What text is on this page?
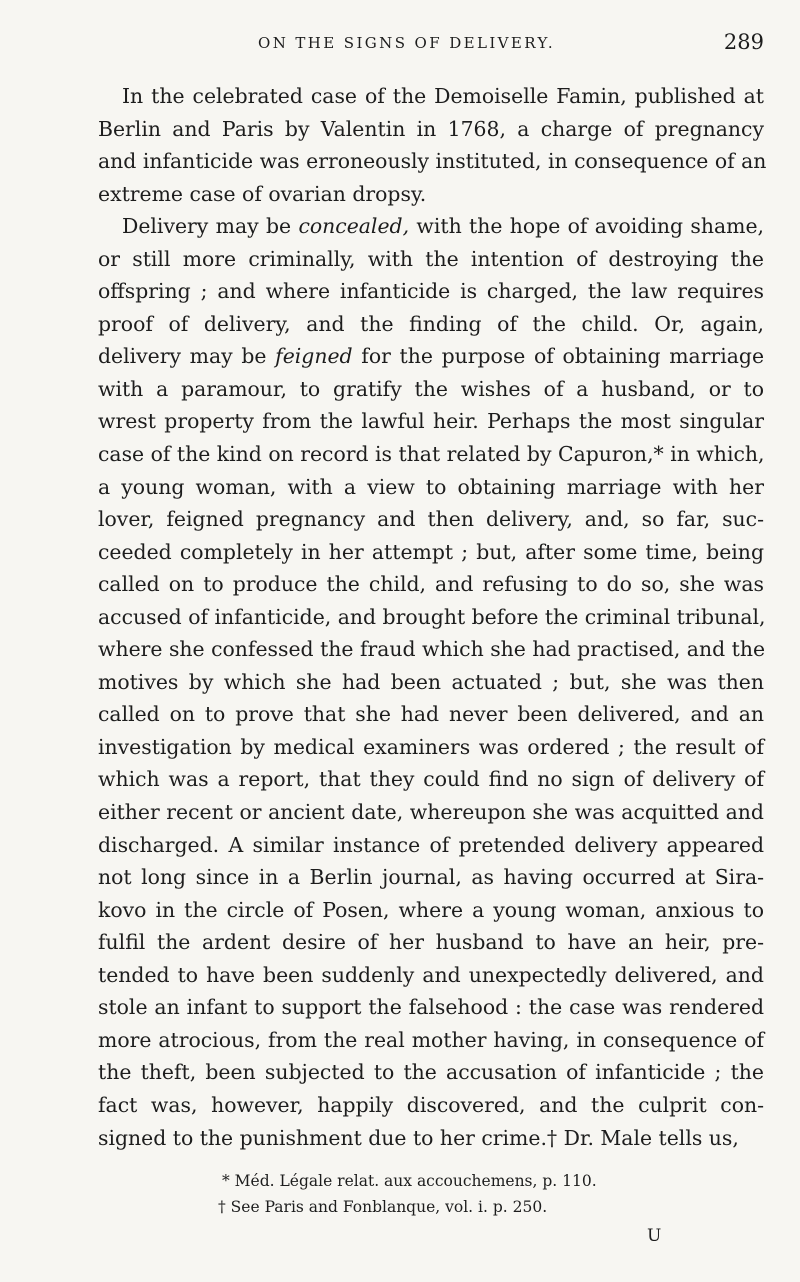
ON THE SIGNS OF DELIVERY.	289
In the celebrated case of the Demoiselle Famin, published at
Berlin and Paris by Valentin in 1768, a charge of pregnancy
and infanticide was erroneously instituted, in consequence of an
extreme case of ovarian dropsy.
Delivery may be concealed, with the hope of avoiding shame,
or still more criminally, with the intention of destroying the
offspring ; and where infanticide is charged, the law requires
proof of delivery, and the finding of the child. Or, again,
delivery may be feigned for the purpose of obtaining marriage
with a paramour, to gratify the wishes of a husband, or to
wrest property from the lawful heir. Perhaps the most singular
case of the kind on record is that related by Capuron,* in which,
a young woman, with a view to obtaining marriage with her
lover, feigned pregnancy and then delivery, and, so far, suc-
ceeded completely in her attempt ; but, after some time, being
called on to produce the child, and refusing to do so, she was
accused of infanticide, and brought before the criminal tribunal,
where she confessed the fraud which she had practised, and the
motives by which she had been actuated ; but, she was then
called on to prove that she had never been delivered, and an
investigation by medical examiners was ordered ; the result of
which was a report, that they could find no sign of delivery of
either recent or ancient date, whereupon she was acquitted and
discharged. A similar instance of pretended delivery appeared
not long since in a Berlin journal, as having occurred at Sira-
kovo in the circle of Posen, where a young woman, anxious to
fulfil the ardent desire of her husband to have an heir, pre-
tended to have been suddenly and unexpectedly delivered, and
stole an infant to support the falsehood : the case was rendered
more atrocious, from the real mother having, in consequence of
the theft, been subjected to the accusation of infanticide ; the
fact was, however, happily discovered, and the culprit con-
signed to the punishment due to her crime.† Dr. Male tells us,
* Méd. Légale relat. aux accouchemens, p. 110.
† See Paris and Fonblanque, vol. i. p. 250.
U
